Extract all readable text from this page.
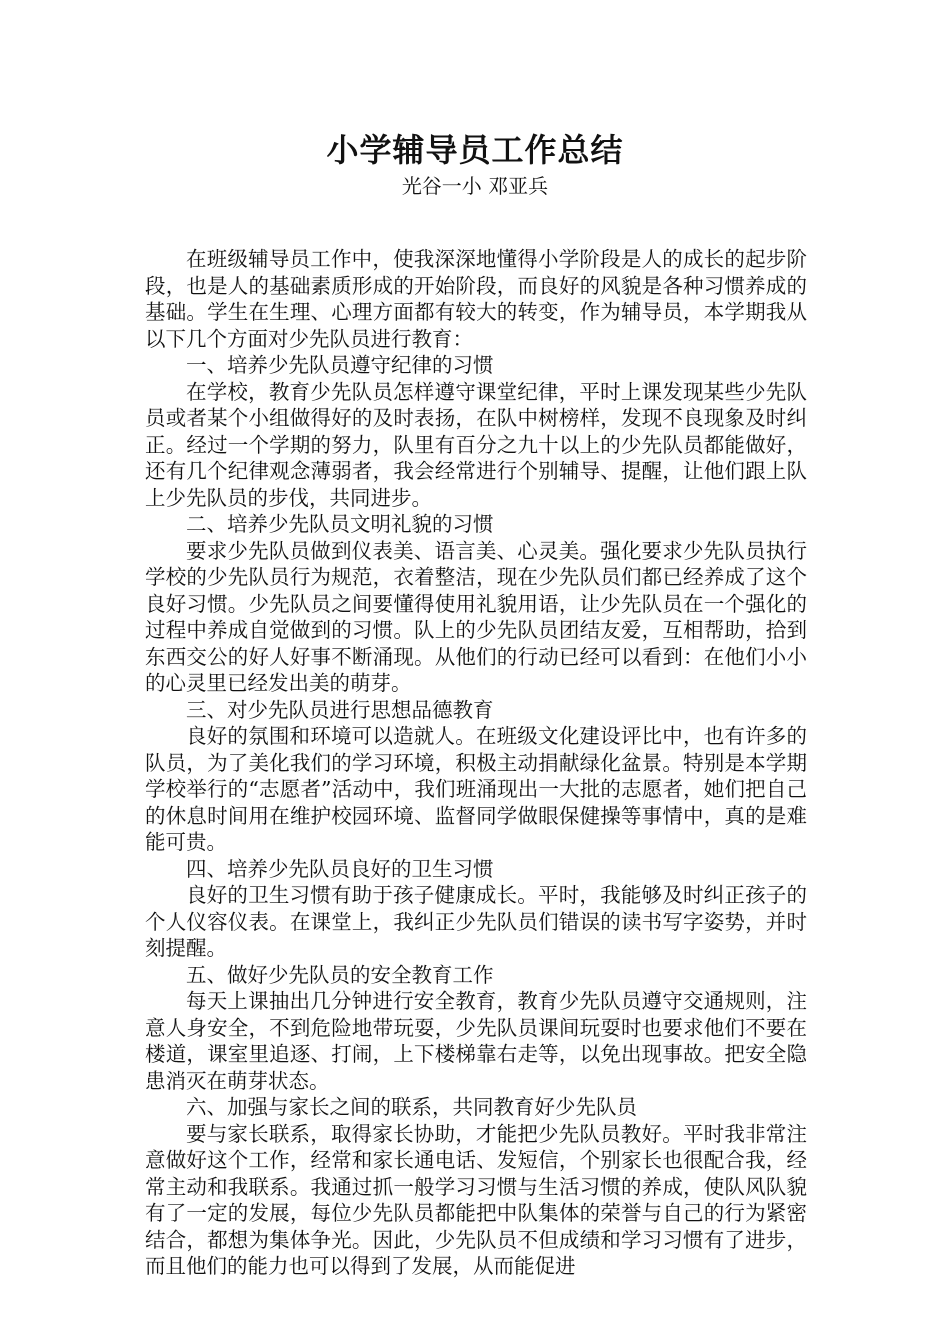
小学辅导员工作总结
光谷一小 邓亚兵

在班级辅导员工作中，使我深深地懂得小学阶段是人的成长的起步阶段，也是人的基础素质形成的开始阶段，而良好的风貌是各种习惯养成的基础。学生在生理、心理方面都有较大的转变，作为辅导员，本学期我从以下几个方面对少先队员进行教育：

一、培养少先队员遵守纪律的习惯

在学校，教育少先队员怎样遵守课堂纪律，平时上课发现某些少先队员或者某个小组做得好的及时表扬，在队中树榜样，发现不良现象及时纠正。经过一个学期的努力，队里有百分之九十以上的少先队员都能做好，还有几个纪律观念薄弱者，我会经常进行个别辅导、提醒，让他们跟上队上少先队员的步伐，共同进步。

二、培养少先队员文明礼貌的习惯

要求少先队员做到仪表美、语言美、心灵美。强化要求少先队员执行学校的少先队员行为规范，衣着整洁，现在少先队员们都已经养成了这个良好习惯。少先队员之间要懂得使用礼貌用语，让少先队员在一个强化的过程中养成自觉做到的习惯。队上的少先队员团结友爱，互相帮助，拾到东西交公的好人好事不断涌现。从他们的行动已经可以看到：在他们小小的心灵里已经发出美的萌芽。

三、对少先队员进行思想品德教育

良好的氛围和环境可以造就人。在班级文化建设评比中，也有许多的队员，为了美化我们的学习环境，积极主动捐献绿化盆景。特别是本学期学校举行的“志愿者”活动中，我们班涌现出一大批的志愿者，她们把自己的休息时间用在维护校园环境、监督同学做眼保健操等事情中，真的是难能可贵。

四、培养少先队员良好的卫生习惯

良好的卫生习惯有助于孩子健康成长。平时，我能够及时纠正孩子的个人仪容仪表。在课堂上，我纠正少先队员们错误的读书写字姿势，并时刻提醒。

五、做好少先队员的安全教育工作

每天上课抽出几分钟进行安全教育，教育少先队员遵守交通规则，注意人身安全，不到危险地带玩耍，少先队员课间玩耍时也要求他们不要在楼道，课室里追逐、打闹，上下楼梯靠右走等，以免出现事故。把安全隐患消灭在萌芽状态。

六、加强与家长之间的联系，共同教育好少先队员

要与家长联系，取得家长协助，才能把少先队员教好。平时我非常注意做好这个工作，经常和家长通电话、发短信，个别家长也很配合我，经常主动和我联系。我通过抓一般学习习惯与生活习惯的养成，使队风队貌有了一定的发展，每位少先队员都能把中队集体的荣誉与自己的行为紧密结合，都想为集体争光。因此，少先队员不但成绩和学习习惯有了进步，而且他们的能力也可以得到了发展，从而能促进
